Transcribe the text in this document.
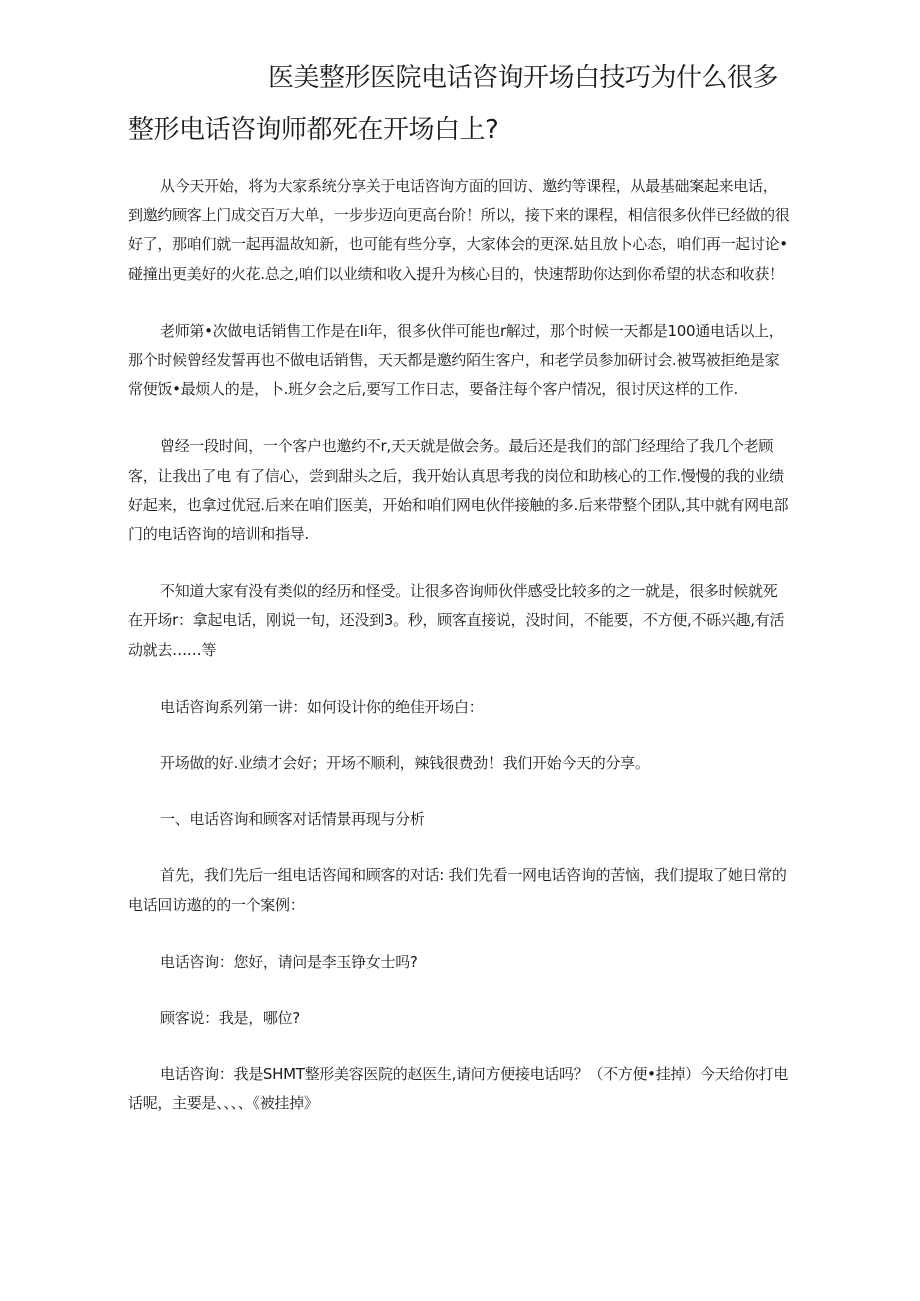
医美整形医院电话咨询开场白技巧为什么很多整形电话咨询师都死在开场白上?

从今天开始，将为大家系统分享关于电话咨询方面的回访、邀约等课程，从最基础案起来电话，到邀约顾客上门成交百万大单，一步步迈向更高台阶！所以，接下来的课程，相信很多伙伴已经做的很好了，那咱们就一起再温故知新，也可能有些分享，大家体会的更深.姑且放卜心态，咱们再一起讨论•碰撞出更美好的火花.总之,咱们以业绩和收入提升为核心目的，快速帮助你达到你希望的状态和收获！

老师第•次做电话销售工作是在Ii年，很多伙伴可能也r解过，那个时候一天都是100通电话以上，那个时候曾经发誓再也不做电话销售，天天都是邀约陌生客户，和老学员参加研讨会.被骂被拒绝是家常便饭•最烦人的是，卜.班夕会之后,要写工作日志，要备注每个客户情况，很讨厌这样的工作.

曾经一段时间，一个客户也邀约不r,天天就是做会务。最后还是我们的部门经理给了我几个老顾客，让我出了电 有了信心，尝到甜头之后，我开始认真思考我的岗位和助核心的工作.慢慢的我的业绩好起来，也拿过优冠.后来在咱们医美，开始和咱们网电伙伴接触的多.后来带整个团队,其中就有网电部门的电话咨询的培训和指导.

不知道大家有没有类似的经历和怪受。让很多咨询师伙伴感受比较多的之一就是，很多时候就死在开场r：拿起电话，刚说一旬，还没到3。秒，顾客直接说，没时间，不能要，不方便,不砾兴趣,有活动就去……等

电话咨询系列第一讲：如何设计你的绝佳开场白：

开场做的好.业绩才会好；开场不顺利，辣钱很费劲！我们开始今天的分享。

一、电话咨询和顾客对话情景再现与分析

首先，我们先后一组电话咨闻和顾客的对话: 我们先看一网电话咨询的苦恼，我们提取了她日常的电话回访遨的的一个案例：

电话咨询：您好，请问是李玉铮女士吗?

顾客说：我是，哪位?

电话咨询：我是SHMT整形美容医院的赵医生,请问方便接电话吗？（不方便•挂掉）今天给你打电话呢，主要是、、、、《被挂掉》
